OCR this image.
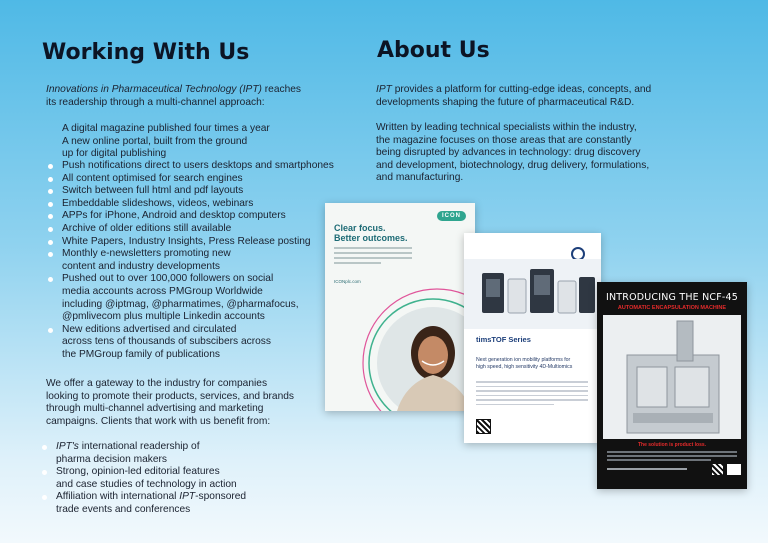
Working With Us

Innovations in Pharmaceutical Technology (IPT) reaches
its readership through a multi-channel approach:

A digital magazine published four times a year
A new online portal, built from the ground
up for digital publishing
Push notifications direct to users desktops and smartphones
All content optimised for search engines
Switch between full html and pdf layouts
Embeddable slideshows, videos, webinars
APPs for iPhone, Android and desktop computers
Archive of older editions still available
White Papers, Industry Insights, Press Release posting
Monthly e-newsletters promoting new
content and industry developments
Pushed out to over 100,000 followers on social
media accounts across PMGroup Worldwide
including @iptmag, @pharmatimes, @pharmafocus,
@pmlivecom plus multiple Linkedin accounts
New editions advertised and circulated
across tens of thousands of subscibers across
the PMGroup family of publications

We offer a gateway to the industry for companies
looking to promote their products, services, and brands
through multi-channel advertising and marketing
campaigns. Clients that work with us benefit from:

IPT's international readership of
pharma decision makers
Strong, opinion-led editorial features
and case studies of technology in action
Affiliation with international IPT-sponsored
trade events and conferences
About Us

IPT provides a platform for cutting-edge ideas, concepts, and
developments shaping the future of pharmaceutical R&D.

Written by leading technical specialists within the industry,
the magazine focuses on those areas that are constantly
being disrupted by advances in technology: drug discovery
and development, biotechnology, drug delivery, formulations,
and manufacturing.

ICON
Clear focus.
Better outcomes.
ICONplc.com
timsTOF Series
Next generation ion mobility platforms for
high speed, high sensitivity 4D-Multiomics
INTRODUCING THE NCF-45
AUTOMATIC ENCAPSULATION MACHINE
The solution is product loss.
